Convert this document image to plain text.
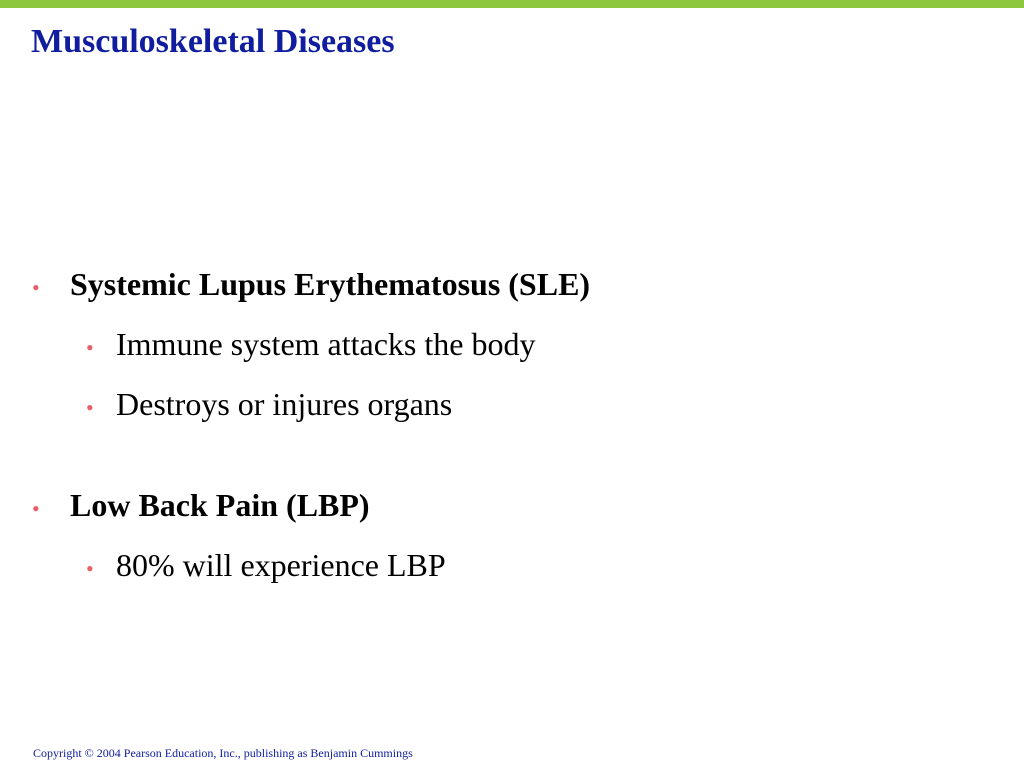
Musculoskeletal Diseases
• Systemic Lupus Erythematosus (SLE)
• Immune system attacks the body
• Destroys or injures organs
• Low Back Pain (LBP)
• 80% will experience LBP
Copyright © 2004 Pearson Education, Inc., publishing as Benjamin Cummings
